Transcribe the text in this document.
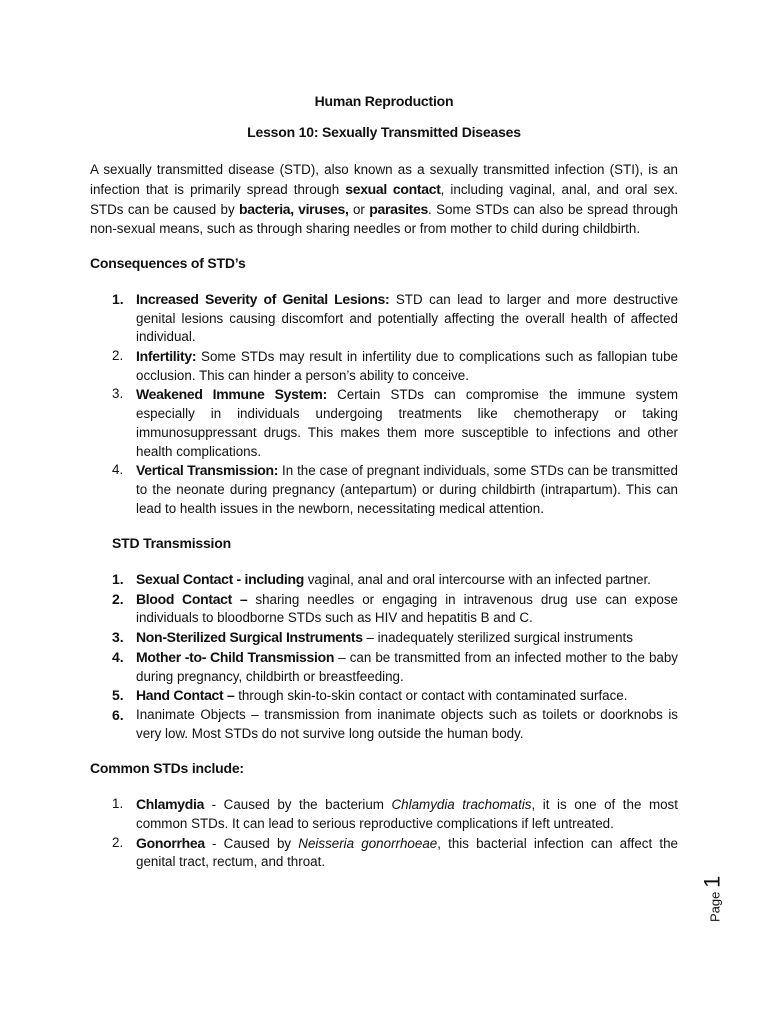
Human Reproduction
Lesson 10: Sexually Transmitted Diseases

A sexually transmitted disease (STD), also known as a sexually transmitted infection (STI), is an infection that is primarily spread through sexual contact, including vaginal, anal, and oral sex. STDs can be caused by bacteria, viruses, or parasites. Some STDs can also be spread through non-sexual means, such as through sharing needles or from mother to child during childbirth.

Consequences of STD’s
1. Increased Severity of Genital Lesions: STD can lead to larger and more destructive genital lesions causing discomfort and potentially affecting the overall health of affected individual.
2. Infertility: Some STDs may result in infertility due to complications such as fallopian tube occlusion. This can hinder a person’s ability to conceive.
3. Weakened Immune System: Certain STDs can compromise the immune system especially in individuals undergoing treatments like chemotherapy or taking immunosuppressant drugs. This makes them more susceptible to infections and other health complications.
4. Vertical Transmission: In the case of pregnant individuals, some STDs can be transmitted to the neonate during pregnancy (antepartum) or during childbirth (intrapartum). This can lead to health issues in the newborn, necessitating medical attention.
STD Transmission
1. Sexual Contact - including vaginal, anal and oral intercourse with an infected partner.
2. Blood Contact – sharing needles or engaging in intravenous drug use can expose individuals to bloodborne STDs such as HIV and hepatitis B and C.
3. Non-Sterilized Surgical Instruments – inadequately sterilized surgical instruments
4. Mother -to- Child Transmission – can be transmitted from an infected mother to the baby during pregnancy, childbirth or breastfeeding.
5. Hand Contact – through skin-to-skin contact or contact with contaminated surface.
6. Inanimate Objects – transmission from inanimate objects such as toilets or doorknobs is very low. Most STDs do not survive long outside the human body.
Common STDs include:
1. Chlamydia - Caused by the bacterium Chlamydia trachomatis, it is one of the most common STDs. It can lead to serious reproductive complications if left untreated.
2. Gonorrhea - Caused by Neisseria gonorrhoeae, this bacterial infection can affect the genital tract, rectum, and throat.
Page 1
